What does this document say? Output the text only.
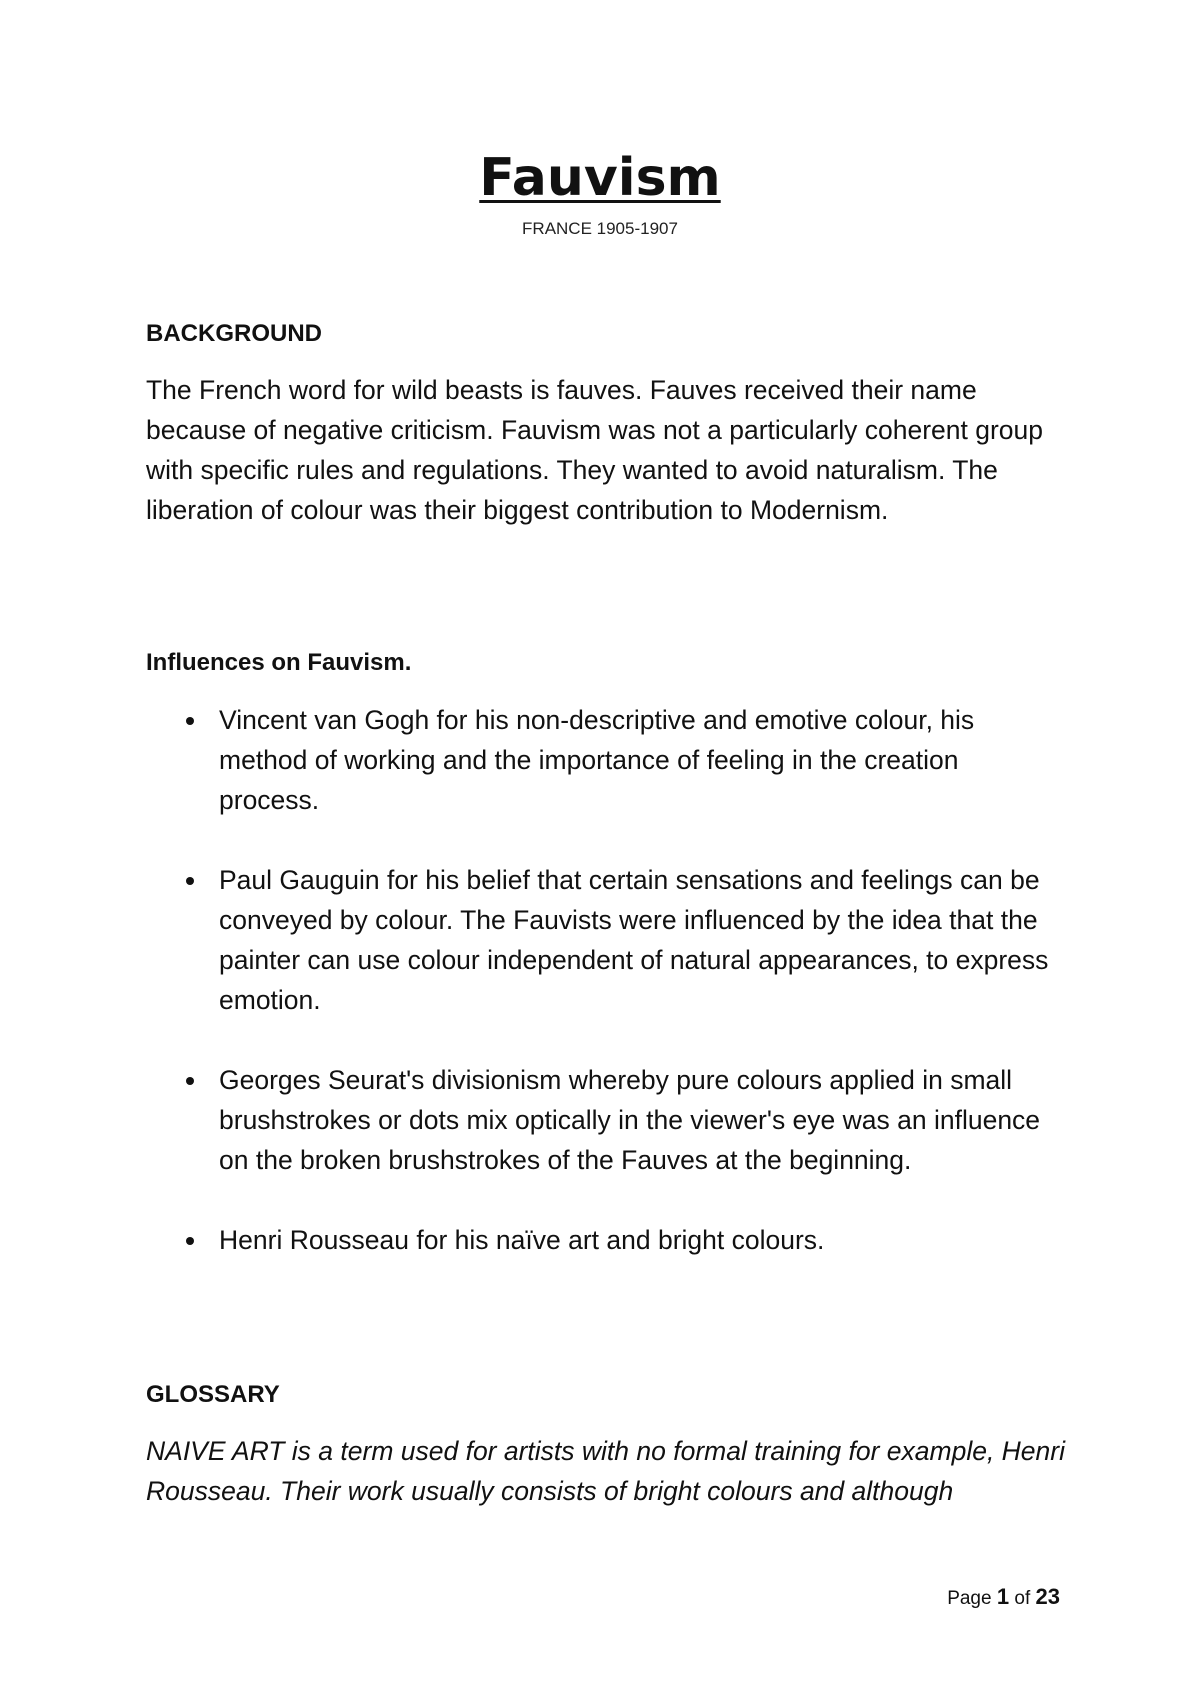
Fauvism
FRANCE 1905-1907
BACKGROUND

The French word for wild beasts is fauves. Fauves received their name because of negative criticism. Fauvism was not a particularly coherent group with specific rules and regulations. They wanted to avoid naturalism. The liberation of colour was their biggest contribution to Modernism.

Influences on Fauvism.
Vincent van Gogh for his non-descriptive and emotive colour, his method of working and the importance of feeling in the creation process.
Paul Gauguin for his belief that certain sensations and feelings can be conveyed by colour. The Fauvists were influenced by the idea that the painter can use colour independent of natural appearances, to express emotion.
Georges Seurat's divisionism whereby pure colours applied in small brushstrokes or dots mix optically in the viewer's eye was an influence on the broken brushstrokes of the Fauves at the beginning.
Henri Rousseau for his naïve art and bright colours.
GLOSSARY

NAIVE ART is a term used for artists with no formal training for example, Henri Rousseau. Their work usually consists of bright colours and although

Page 1 of 23
